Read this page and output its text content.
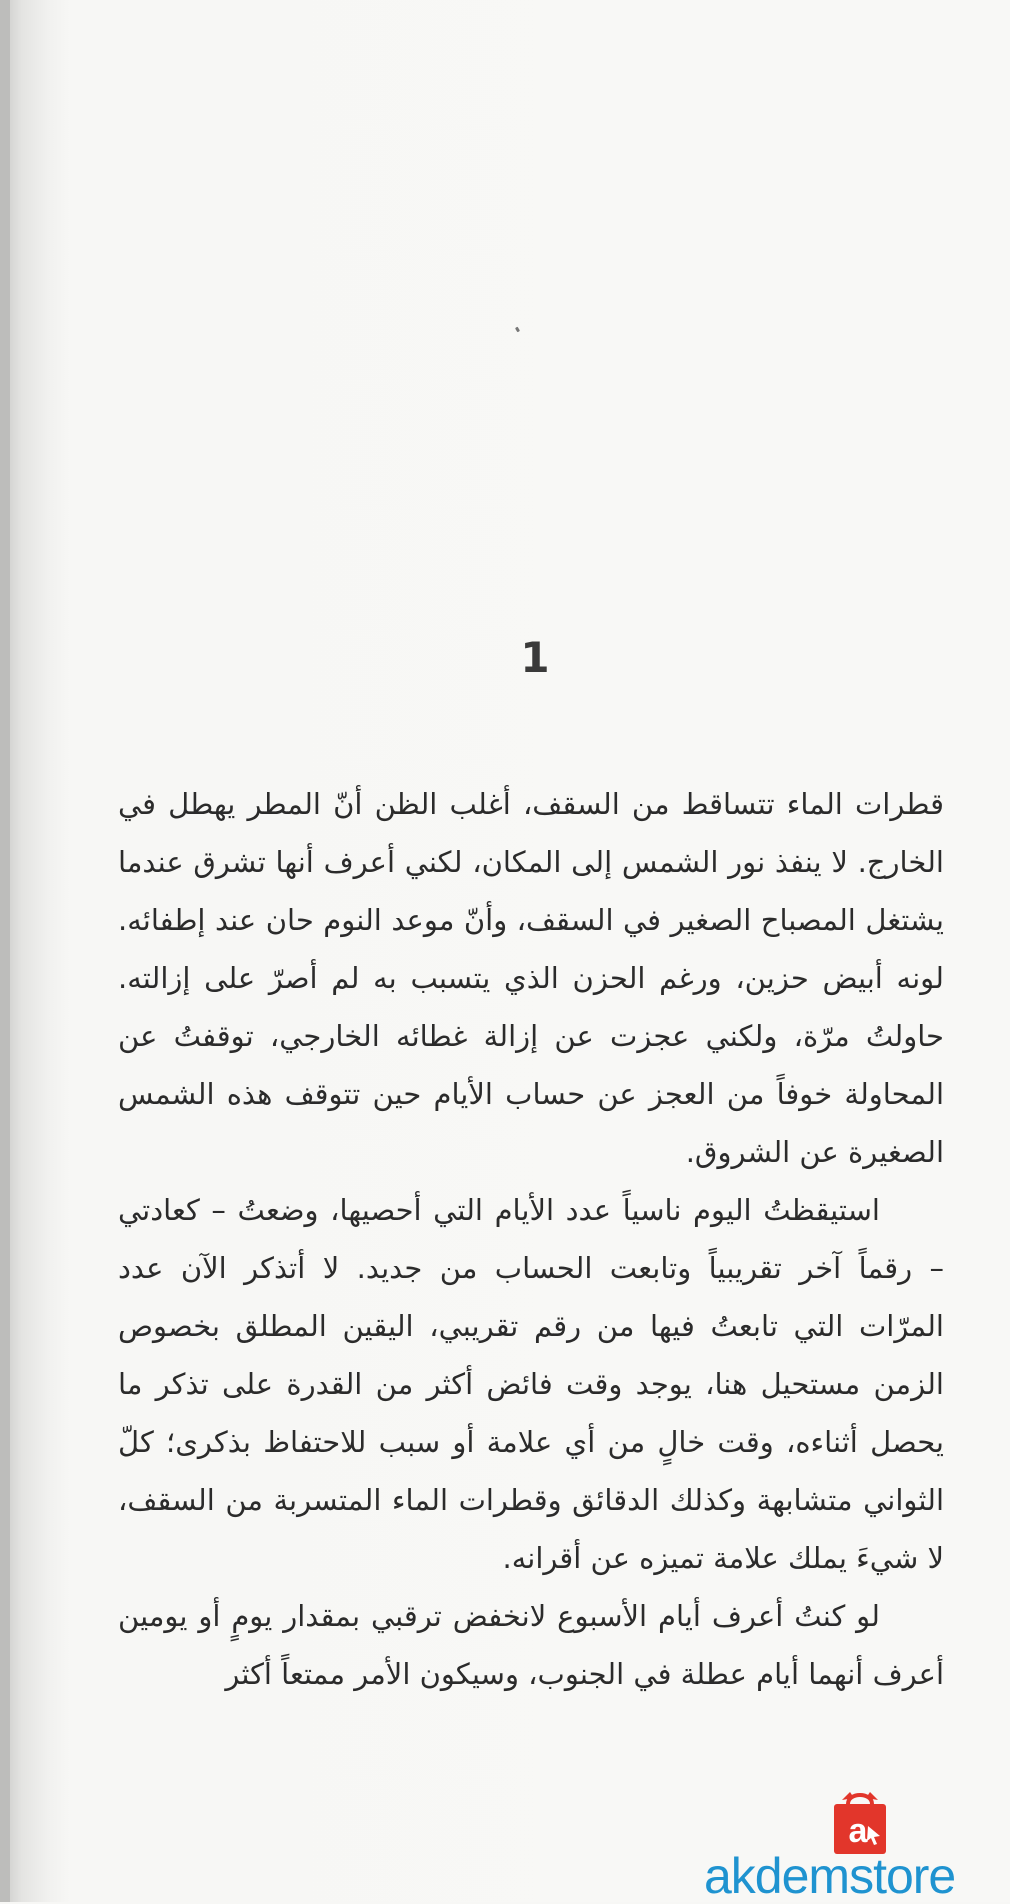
1

قطرات الماء تتساقط من السقف، أغلب الظن أنّ المطر يهطل في الخارج. لا ينفذ نور الشمس إلى المكان، لكني أعرف أنها تشرق عندما يشتغل المصباح الصغير في السقف، وأنّ موعد النوم حان عند إطفائه. لونه أبيض حزين، ورغم الحزن الذي يتسبب به لم أصرّ على إزالته. حاولتُ مرّة، ولكني عجزت عن إزالة غطائه الخارجي، توقفتُ عن المحاولة خوفاً من العجز عن حساب الأيام حين تتوقف هذه الشمس الصغيرة عن الشروق.

استيقظتُ اليوم ناسياً عدد الأيام التي أحصيها، وضعتُ – كعادتي – رقماً آخر تقريبياً وتابعت الحساب من جديد. لا أتذكر الآن عدد المرّات التي تابعتُ فيها من رقم تقريبي، اليقين المطلق بخصوص الزمن مستحيل هنا، يوجد وقت فائض أكثر من القدرة على تذكر ما يحصل أثناءه، وقت خالٍ من أي علامة أو سبب للاحتفاظ بذكرى؛ كلّ الثواني متشابهة وكذلك الدقائق وقطرات الماء المتسربة من السقف، لا شيءَ يملك علامة تميزه عن أقرانه.

لو كنتُ أعرف أيام الأسبوع لانخفض ترقبي بمقدار يومٍ أو يومين أعرف أنهما أيام عطلة في الجنوب، وسيكون الأمر ممتعاً أكثر

a
akdemstore
